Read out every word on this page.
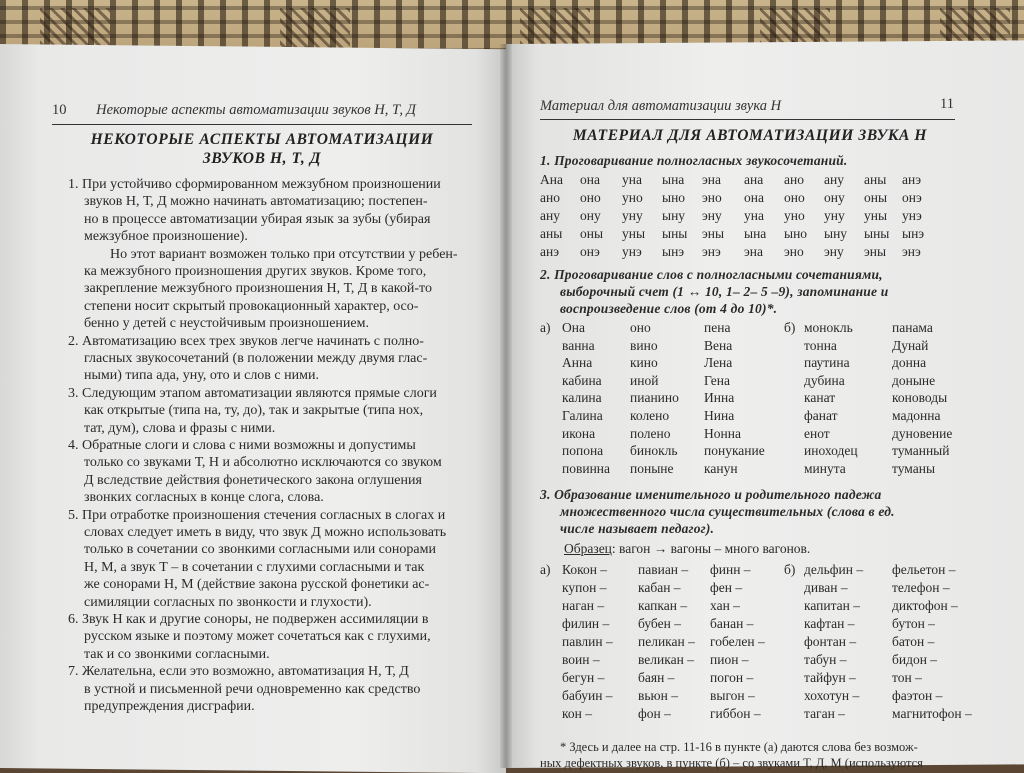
10 Некоторые аспекты автоматизации звуков Н, Т, Д
НЕКОТОРЫЕ АСПЕКТЫ АВТОМАТИЗАЦИИ
ЗВУКОВ Н, Т, Д
1. При устойчиво сформированном межзубном произношении
звуков Н, Т, Д можно начинать автоматизацию; постепен-
но в процессе автоматизации убирая язык за зубы (убирая
межзубное произношение).
Но этот вариант возможен только при отсутствии у ребен-
ка межзубного произношения других звуков. Кроме того,
закрепление межзубного произношения Н, Т, Д в какой-то
степени носит скрытый провокационный характер, осо-
бенно у детей с неустойчивым произношением.
2. Автоматизацию всех трех звуков легче начинать с полно-
гласных звукосочетаний (в положении между двумя глас-
ными) типа ада, уну, ото и слов с ними.
3. Следующим этапом автоматизации являются прямые слоги
как открытые (типа на, ту, до), так и закрытые (типа нох,
тат, дум), слова и фразы с ними.
4. Обратные слоги и слова с ними возможны и допустимы
только со звуками Т, Н и абсолютно исключаются со звуком
Д вследствие действия фонетического закона оглушения
звонких согласных в конце слога, слова.
5. При отработке произношения стечения согласных в слогах и
словах следует иметь в виду, что звук Д можно использовать
только в сочетании со звонкими согласными или сонорами
Н, М, а звук Т – в сочетании с глухими согласными и так
же сонорами Н, М (действие закона русской фонетики ас-
симиляции согласных по звонкости и глухости).
6. Звук Н как и другие соноры, не подвержен ассимиляции в
русском языке и поэтому может сочетаться как с глухими,
так и со звонкими согласными.
7. Желательна, если это возможно, автоматизация Н, Т, Д
в устной и письменной речи одновременно как средство
предупреждения дисграфии.
Материал для автоматизации звука Н	11
МАТЕРИАЛ ДЛЯ АВТОМАТИЗАЦИИ ЗВУКА Н
1. Проговаривание полногласных звукосочетаний.
Ана она уна ына эна ана ано ану аны анэ
ано оно уно ыно эно она оно ону оны онэ
ану ону уну ыну эну уна уно уну уны унэ
аны оны уны ыны эны ына ыно ыну ыны ынэ
анэ онэ унэ ынэ энэ эна эно эну эны энэ
2. Проговаривание слов с полногласными сочетаниями,
выборочный счет (1 ↔ 10, 1– 2– 5 –9), запоминание и
воспроизведение слов (от 4 до 10)*.
а)	б)
Она	оно	пена
ванна	вино	Вена
Анна	кино	Лена
кабина иной	Гена
калина пианино Инна
Галина колено	Нина
икона	полено Нонна
попона бинокль понукание
повинна поныне канун
монокль	панама
тонна	Дунай
паутина	донна
дубина	доныне
канат	коноводы
фанат	мадонна
енот	дуновение
иноходец	туманный
минута	туманы
3. Образование именительного и родительного падежа
множественного числа существительных (слова в ед.
числе называет педагог).
Образец: вагон → вагоны – много вагонов.
а)	б)
Кокон – павиан – финн –
купон – кабан – фен –
наган –	капкан – хан –
филин – бубен – банан –
павлин – пеликан – гобелен –
воин –	великан – пион –
бегун – баян –	погон –
бабуин – вьюн – выгон –
кон –	фон –	гиббон –
дельфин – фельетон –
диван –	телефон –
капитан – диктофон –
кафтан –	бутон –
фонтан –	батон –
табун –	бидон –
тайфун –	тон –
хохотун – фаэтон –
таган –	магнитофон –
* Здесь и далее на стр. 11-16 в пункте (а) даются слова без возмож-
ных дефектных звуков, в пункте (б) – со звуками Т, Д, М (используются
